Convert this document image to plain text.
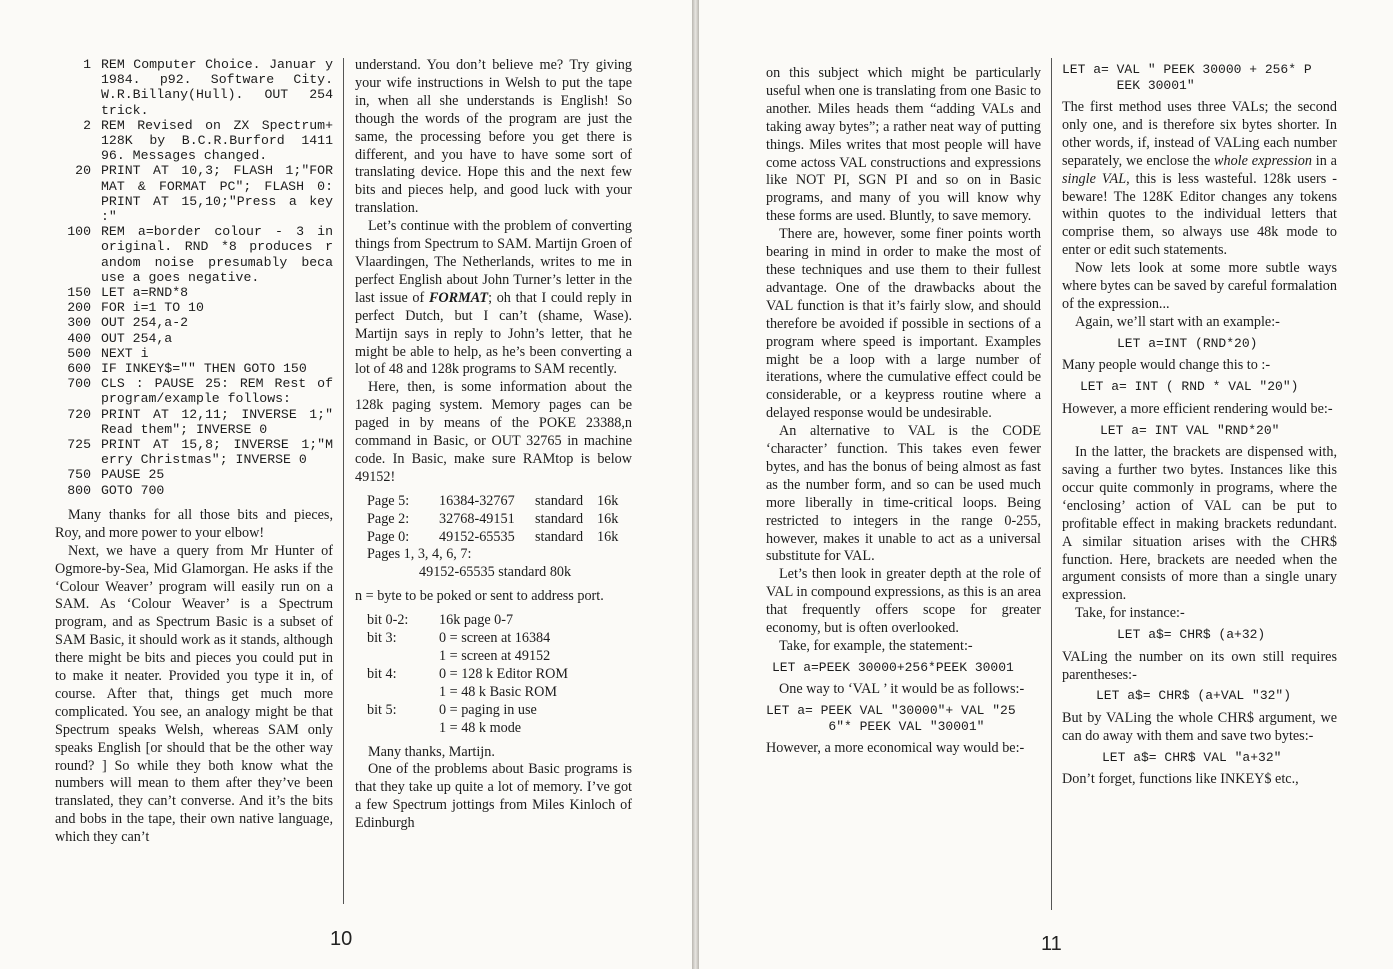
1 REM Computer Choice. Januar y 1984. p92. Software City. W.R.Billany(Hull). OUT 254 trick.
2 REM Revised on ZX Spectrum+ 128K by B.C.R.Burford 1411 96. Messages changed.
20 PRINT AT 10,3; FLASH 1;"FOR MAT & FORMAT PC"; FLASH 0: PRINT AT 15,10;"Press a key :"
100 REM a=border colour - 3 in original. RND *8 produces r andom noise presumably beca use a goes negative.
150 LET a=RND*8
200 FOR i=1 TO 10
300 OUT 254,a-2
400 OUT 254,a
500 NEXT i
600 IF INKEY$="" THEN GOTO 150
700 CLS : PAUSE 25: REM Rest of program/example follows:
720 PRINT AT 12,11; INVERSE 1;" Read them"; INVERSE 0
725 PRINT AT 15,8; INVERSE 1;"M erry Christmas"; INVERSE 0
750 PAUSE 25
800 GOTO 700

Many thanks for all those bits and pieces, Roy, and more power to your elbow!

Next, we have a query from Mr Hunter of Ogmore-by-Sea, Mid Glamorgan. He asks if the ‘Colour Weaver’ program will easily run on a SAM. As ‘Colour Weaver’ is a Spectrum program, and as Spectrum Basic is a subset of SAM Basic, it should work as it stands, although there might be bits and pieces you could put in to make it neater. Provided you type it in, of course. After that, things get much more complicated. You see, an analogy might be that Spectrum speaks Welsh, whereas SAM only speaks English [or should that be the other way round? ] So while they both know what the numbers will mean to them after they’ve been translated, they can’t converse. And it’s the bits and bobs in the tape, their own native language, which they can’t

understand. You don’t believe me? Try giving your wife instructions in Welsh to put the tape in, when all she understands is English! So though the words of the program are just the same, the processing before you get there is different, and you have to have some sort of translating device. Hope this and the next few bits and pieces help, and good luck with your translation.

Let’s continue with the problem of converting things from Spectrum to SAM. Martijn Groen of Vlaardingen, The Netherlands, writes to me in perfect English about John Turner’s letter in the last issue of FORMAT; oh that I could reply in perfect Dutch, but I can’t (shame, Wase). Martijn says in reply to John’s letter, that he might be able to help, as he’s been converting a lot of 48 and 128k programs to SAM recently.

Here, then, is some information about the 128k paging system. Memory pages can be paged in by means of the POKE 23388,n command in Basic, or OUT 32765 in machine code. In Basic, make sure RAMtop is below 49152!

Page 5:	16384-32767	standard 16k
Page 2:	32768-49151	standard 16k
Page 0:	49152-65535	standard 16k
Pages 1, 3, 4, 6, 7:
49152-65535 standard 80k

n = byte to be poked or sent to address port.

bit 0-2:	16k page 0-7
bit 3:	0 = screen at 16384
1 = screen at 49152
bit 4:	0 = 128 k Editor ROM
1 = 48 k Basic ROM
bit 5:	0 = paging in use
1 = 48 k mode

Many thanks, Martijn.

One of the problems about Basic programs is that they take up quite a lot of memory. I’ve got a few Spectrum jottings from Miles Kinloch of Edinburgh

10

on this subject which might be particularly useful when one is translating from one Basic to another. Miles heads them “adding VALs and taking away bytes”; a rather neat way of putting things. Miles writes that most people will have come actoss VAL constructions and expressions like NOT PI, SGN PI and so on in Basic programs, and many of you will know why these forms are used. Bluntly, to save memory.

There are, however, some finer points worth bearing in mind in order to make the most of these techniques and use them to their fullest advantage. One of the drawbacks about the VAL function is that it’s fairly slow, and should therefore be avoided if possible in sections of a program where speed is important. Examples might be a loop with a large number of iterations, where the cumulative effect could be considerable, or a keypress routine where a delayed response would be undesirable.

An alternative to VAL is the CODE ‘character’ function. This takes even fewer bytes, and has the bonus of being almost as fast as the number form, and so can be used much more liberally in time-critical loops. Being restricted to integers in the range 0-255, however, makes it unable to act as a universal substitute for VAL.

Let’s then look in greater depth at the role of VAL in compound expressions, as this is an area that frequently offers scope for greater economy, but is often overlooked.

Take, for example, the statement:-

LET a=PEEK 30000+256*PEEK 30001

One way to ‘VAL ’ it would be as follows:-

LET a= PEEK VAL "30000"+ VAL "25
6"* PEEK VAL "30001"

However, a more economical way would be:-

LET a= VAL " PEEK 30000 + 256* P
EEK 30001"

The first method uses three VALs; the second only one, and is therefore six bytes shorter. In other words, if, instead of VALing each number separately, we enclose the whole expression in a single VAL, this is less wasteful. 128k users - beware! The 128K Editor changes any tokens within quotes to the individual letters that comprise them, so always use 48k mode to enter or edit such statements.

Now lets look at some more subtle ways where bytes can be saved by careful formalation of the expression...

Again, we’ll start with an example:-

LET a=INT (RND*20)

Many people would change this to :-

LET a= INT ( RND * VAL "20")

However, a more efficient rendering would be:-

LET a= INT VAL "RND*20"

In the latter, the brackets are dispensed with, saving a further two bytes. Instances like this occur quite commonly in programs, where the ‘enclosing’ action of VAL can be put to profitable effect in making brackets redundant. A similar situation arises with the CHR$ function. Here, brackets are needed when the argument consists of more than a single unary expression.

Take, for instance:-

LET a$= CHR$ (a+32)

VALing the number on its own still requires parentheses:-

LET a$= CHR$ (a+VAL "32")

But by VALing the whole CHR$ argument, we can do away with them and save two bytes:-

LET a$= CHR$ VAL "a+32"

Don’t forget, functions like INKEY$ etc.,

11
